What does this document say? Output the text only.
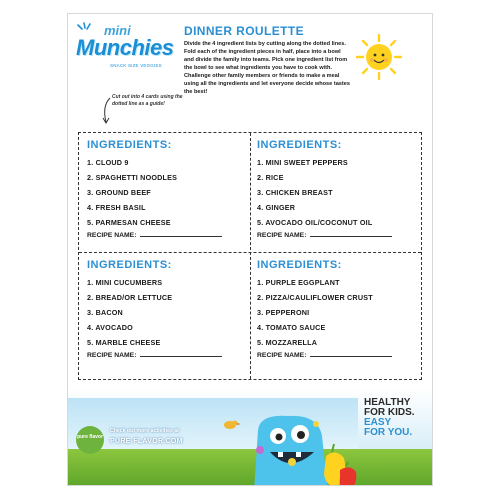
mini
Munchies
SNACK SIZE VEGGIES
DINNER ROULETTE
Divide the 4 ingredient lists by cutting along the dotted lines. Fold each of the ingredient pieces in half, place into a bowl and divide the family into teams. Pick one ingredient list from the bowl to see what ingredients you have to cook with. Challenge other family members or friends to make a meal using all the ingredients and let everyone decide whose tastes the best!
Cut out into 4 cards using the dotted line as a guide!
INGREDIENTS:
1. CLOUD 9
2. SPAGHETTI NOODLES
3. GROUND BEEF
4. FRESH BASIL
5. PARMESAN CHEESE
RECIPE NAME:
INGREDIENTS:
1. MINI SWEET PEPPERS
2. RICE
3. CHICKEN BREAST
4. GINGER
5. AVOCADO OIL/COCONUT OIL
RECIPE NAME:
INGREDIENTS:
1. MINI CUCUMBERS
2. BREAD/OR LETTUCE
3. BACON
4. AVOCADO
5. MARBLE CHEESE
RECIPE NAME:
INGREDIENTS:
1. PURPLE EGGPLANT
2. PIZZA/CAULIFLOWER CRUST
3. PEPPERONI
4. TOMATO SAUCE
5. MOZZARELLA
RECIPE NAME:
pure flavor
Check out more activities at
PURE-FLAVOR.COM
HEALTHY
FOR KIDS.
EASY
FOR YOU.
